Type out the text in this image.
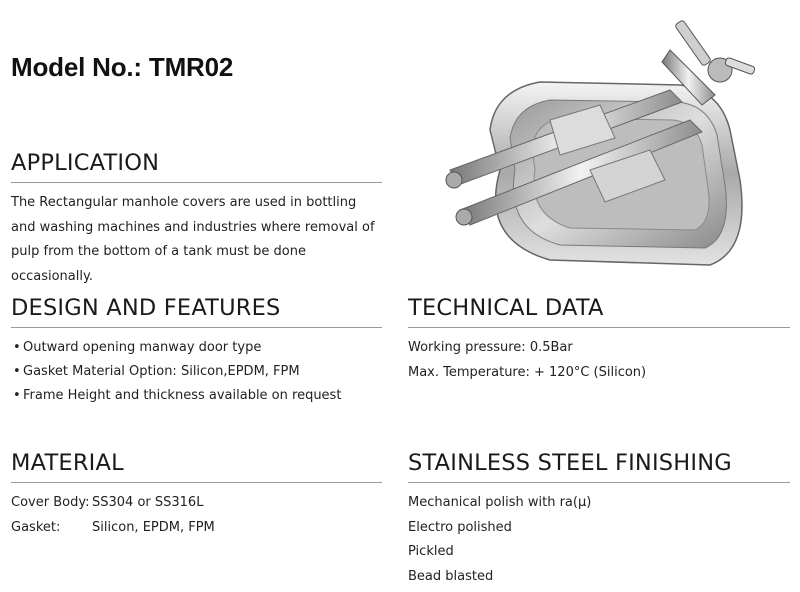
Model No.: TMR02
APPLICATION

The Rectangular manhole covers are used in bottling and washing machines and industries where removal of pulp from the bottom of a tank must be done occasionally.

DESIGN AND FEATURES
• Outward opening manway door type
• Gasket Material Option: Silicon,EPDM, FPM
• Frame Height and thickness available on request
TECHNICAL DATA
Working pressure: 0.5Bar
Max. Temperature: + 120°C (Silicon)
MATERIAL
Cover Body: SS304 or SS316L
Gasket:	Silicon, EPDM, FPM
STAINLESS STEEL FINISHING
Mechanical polish with ra(μ)
Electro polished
Pickled
Bead blasted
